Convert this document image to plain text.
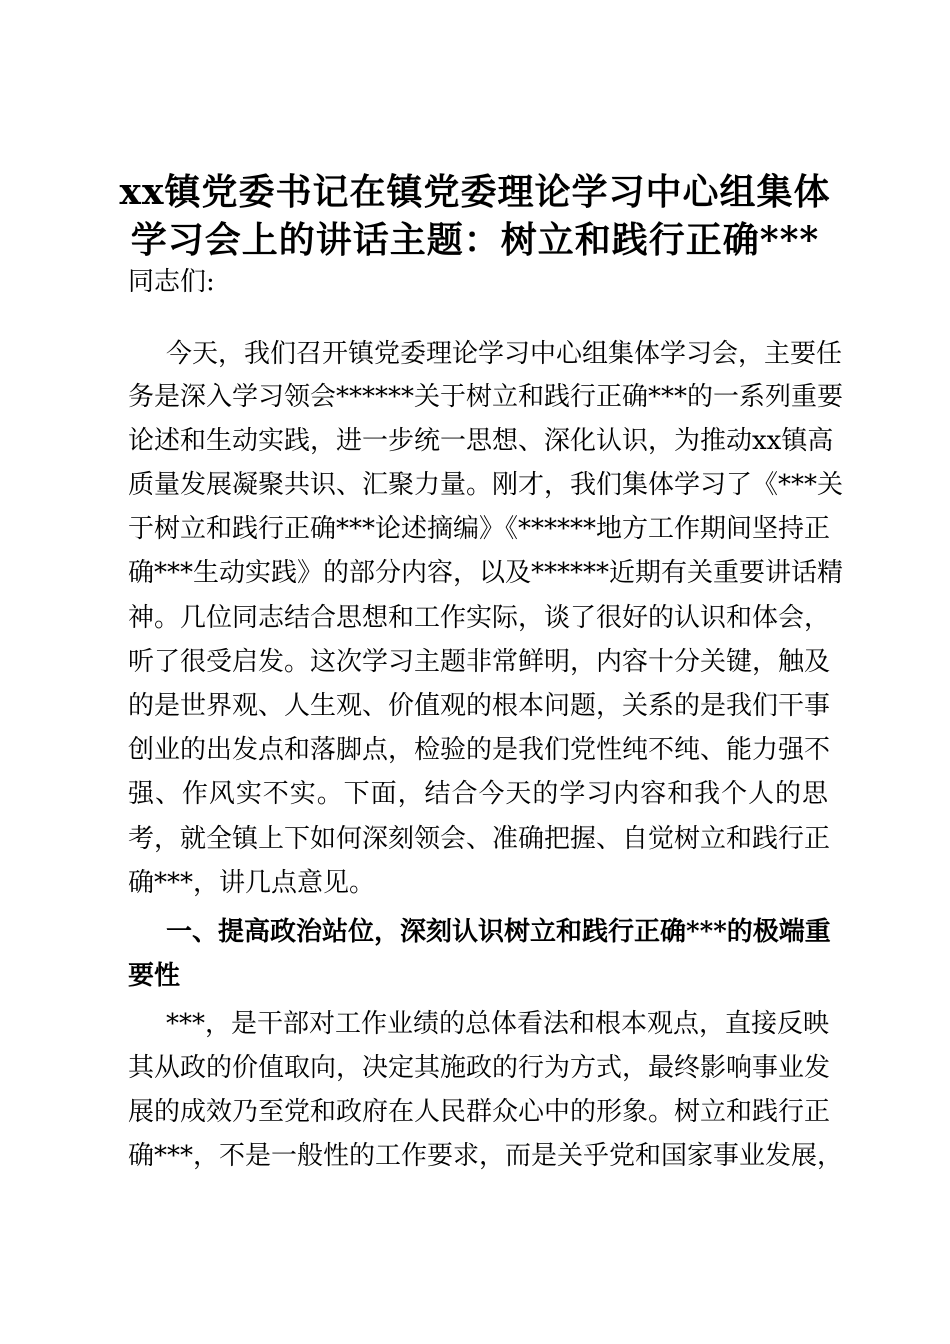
xx镇党委书记在镇党委理论学习中心组集体
学习会上的讲话主题：树立和践行正确***
同志们:
今天，我们召开镇党委理论学习中心组集体学习会，主要任
务是深入学习领会******关于树立和践行正确***的一系列重要
论述和生动实践，进一步统一思想、深化认识，为推动xx镇高
质量发展凝聚共识、汇聚力量。刚才，我们集体学习了《***关
于树立和践行正确***论述摘编》《******地方工作期间坚持正
确***生动实践》的部分内容，以及******近期有关重要讲话精
神。几位同志结合思想和工作实际，谈了很好的认识和体会，
听了很受启发。这次学习主题非常鲜明，内容十分关键，触及
的是世界观、人生观、价值观的根本问题，关系的是我们干事
创业的出发点和落脚点，检验的是我们党性纯不纯、能力强不
强、作风实不实。下面，结合今天的学习内容和我个人的思
考，就全镇上下如何深刻领会、准确把握、自觉树立和践行正
确***，讲几点意见。
一、提高政治站位，深刻认识树立和践行正确***的极端重
要性
***，是干部对工作业绩的总体看法和根本观点，直接反映
其从政的价值取向，决定其施政的行为方式，最终影响事业发
展的成效乃至党和政府在人民群众心中的形象。树立和践行正
确***，不是一般性的工作要求，而是关乎党和国家事业发展，
